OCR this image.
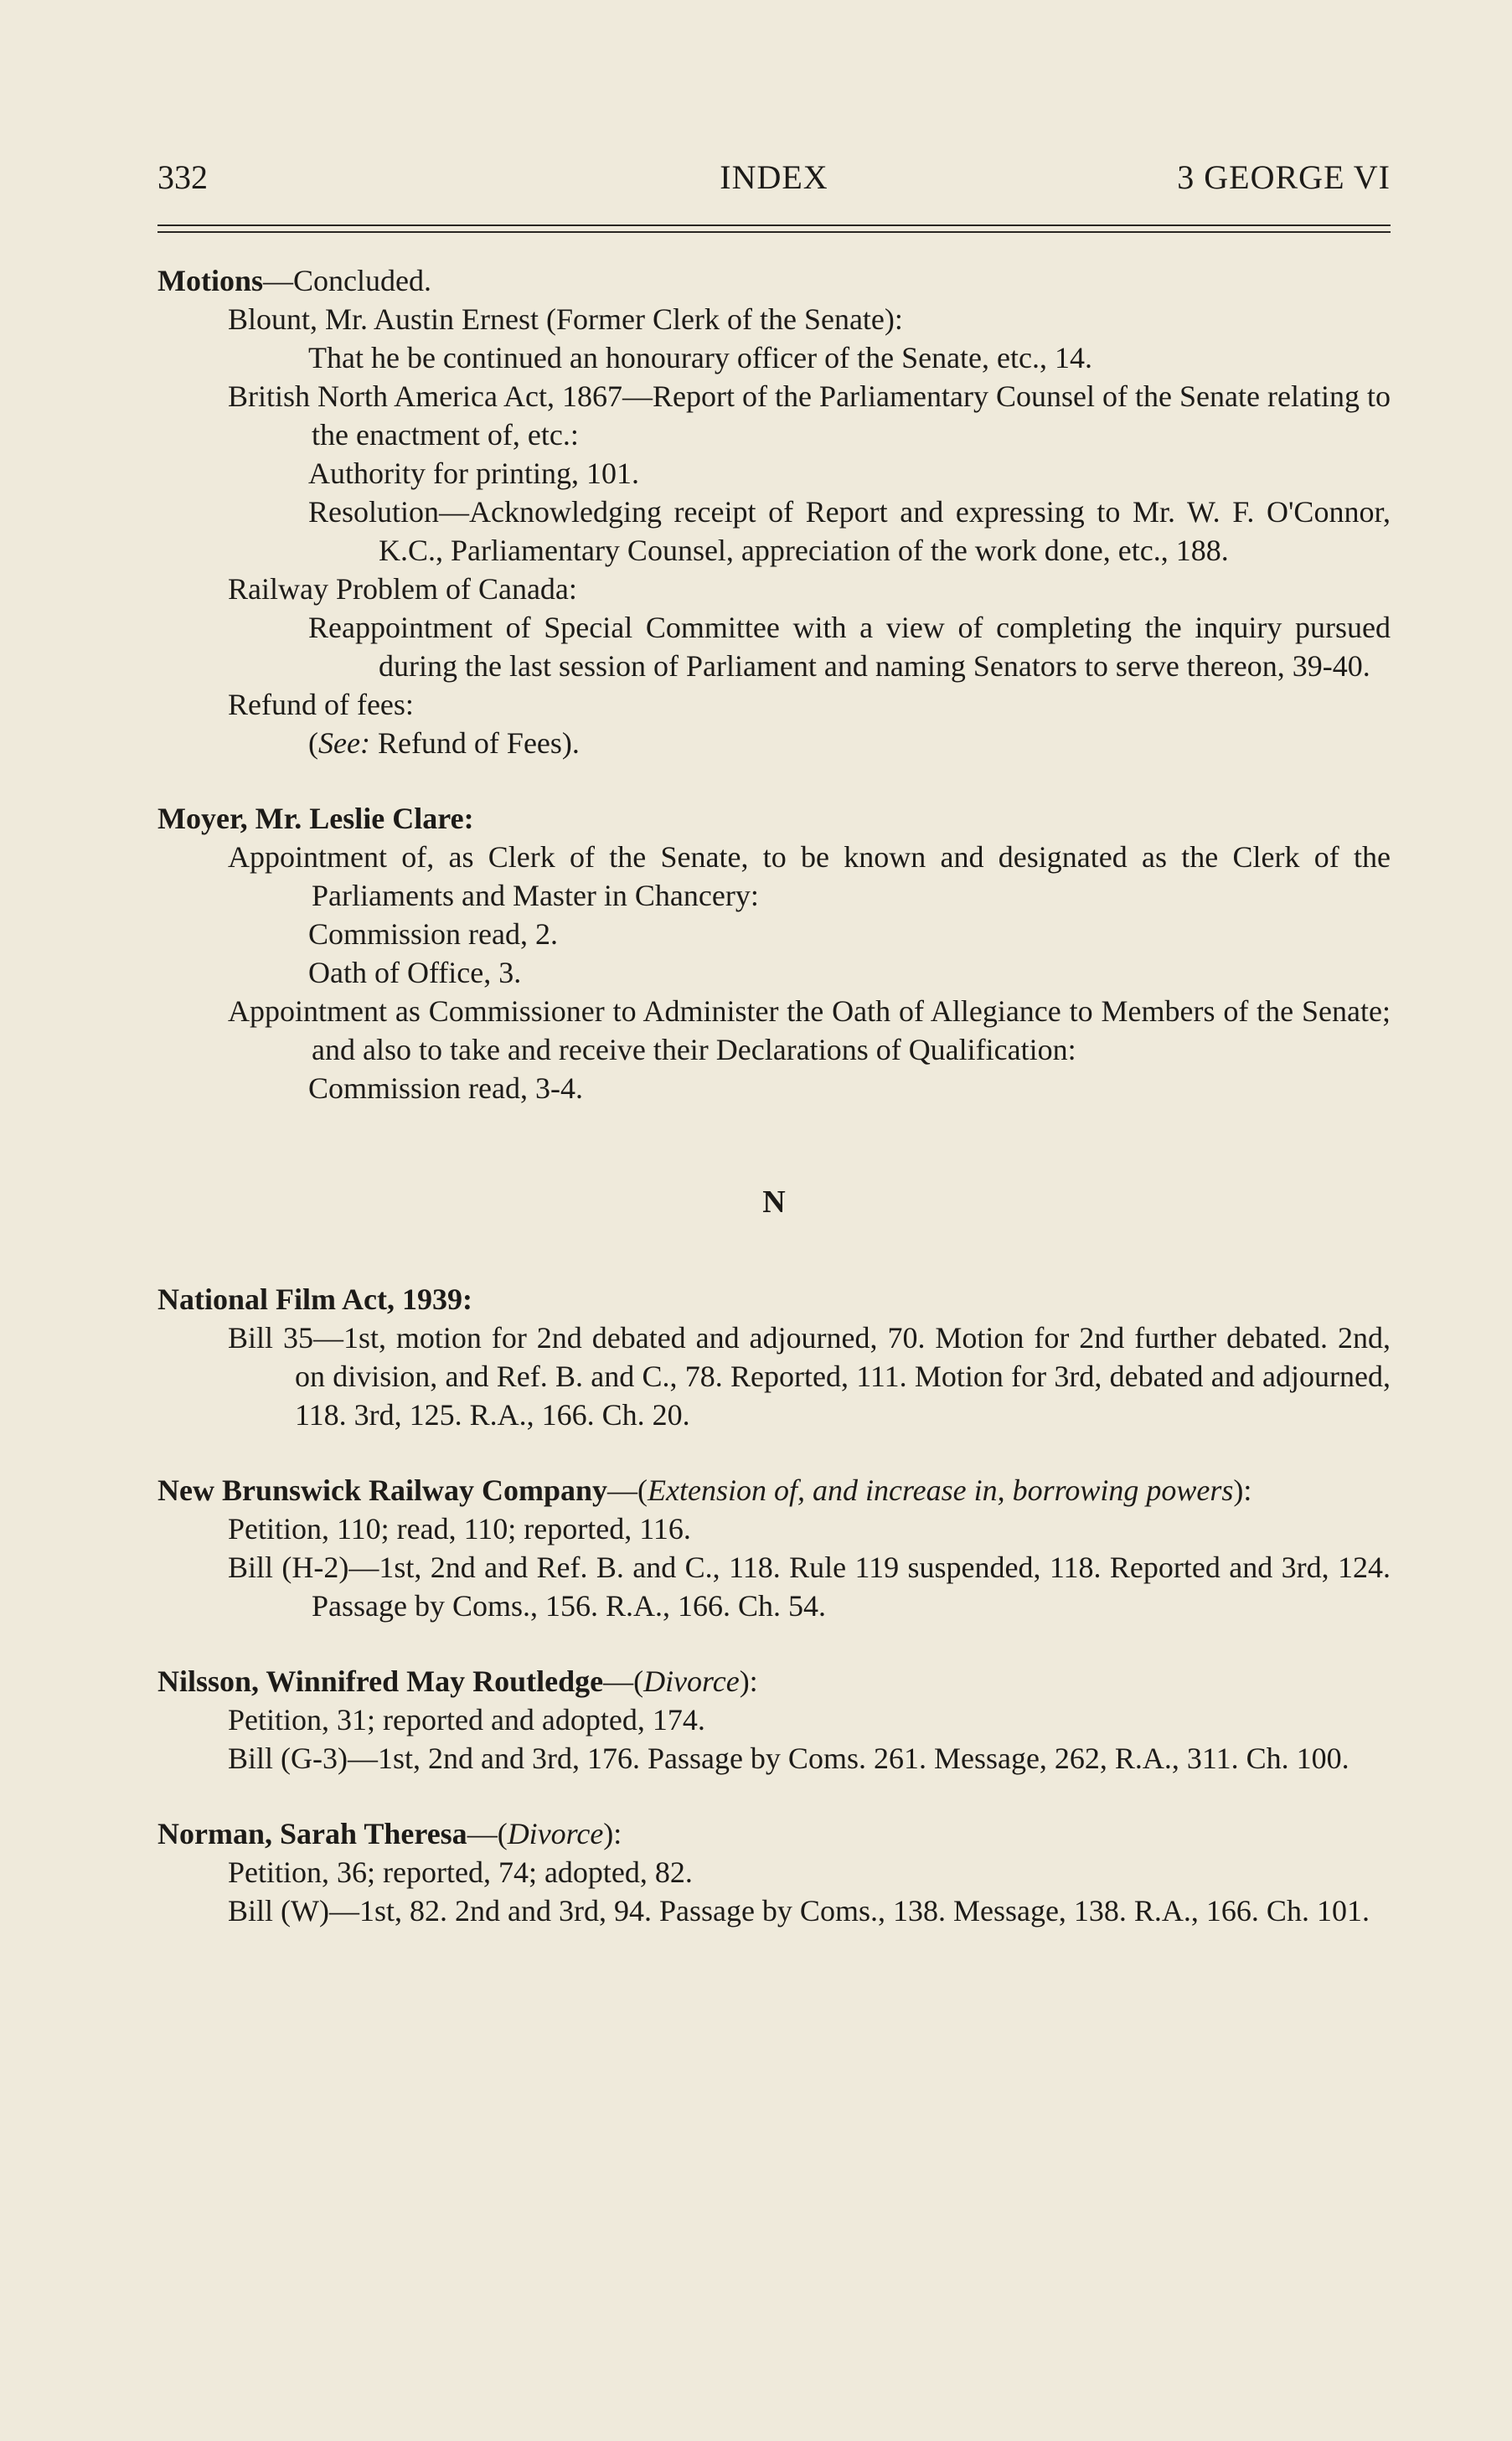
332	INDEX	3 GEORGE VI
Motions—Concluded.
Blount, Mr. Austin Ernest (Former Clerk of the Senate):
That he be continued an honourary officer of the Senate, etc., 14.
British North America Act, 1867—Report of the Parliamentary Counsel of the Senate relating to the enactment of, etc.:
Authority for printing, 101.
Resolution—Acknowledging receipt of Report and expressing to Mr. W. F. O'Connor, K.C., Parliamentary Counsel, appreciation of the work done, etc., 188.
Railway Problem of Canada:
Reappointment of Special Committee with a view of completing the inquiry pursued during the last session of Parliament and naming Senators to serve thereon, 39-40.
Refund of fees:
(See: Refund of Fees).
Moyer, Mr. Leslie Clare:
Appointment of, as Clerk of the Senate, to be known and designated as the Clerk of the Parliaments and Master in Chancery:
Commission read, 2.
Oath of Office, 3.
Appointment as Commissioner to Administer the Oath of Allegiance to Members of the Senate; and also to take and receive their Declarations of Qualification:
Commission read, 3-4.
N
National Film Act, 1939:
Bill 35—1st, motion for 2nd debated and adjourned, 70. Motion for 2nd further debated. 2nd, on division, and Ref. B. and C., 78. Reported, 111. Motion for 3rd, debated and adjourned, 118. 3rd, 125. R.A., 166. Ch. 20.
New Brunswick Railway Company—(Extension of, and increase in, borrowing powers):
Petition, 110; read, 110; reported, 116.
Bill (H-2)—1st, 2nd and Ref. B. and C., 118. Rule 119 suspended, 118. Reported and 3rd, 124. Passage by Coms., 156. R.A., 166. Ch. 54.
Nilsson, Winnifred May Routledge—(Divorce):
Petition, 31; reported and adopted, 174.
Bill (G-3)—1st, 2nd and 3rd, 176. Passage by Coms. 261. Message, 262, R.A., 311. Ch. 100.
Norman, Sarah Theresa—(Divorce):
Petition, 36; reported, 74; adopted, 82.
Bill (W)—1st, 82. 2nd and 3rd, 94. Passage by Coms., 138. Message, 138. R.A., 166. Ch. 101.
